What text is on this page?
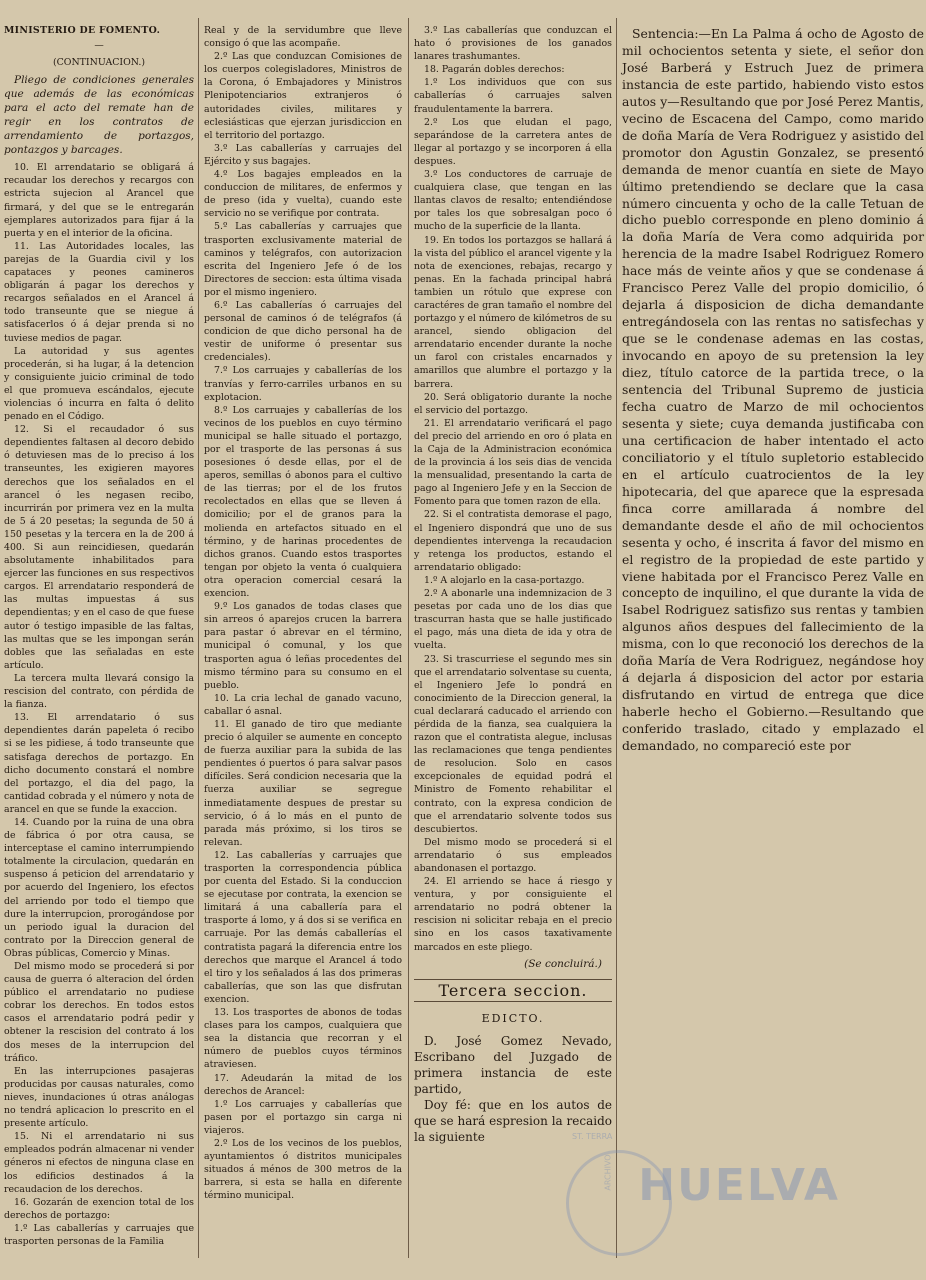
MINISTERIO DE FOMENTO.

—

(CONTINUACION.)

Pliego de condiciones generales que además de las económicas para el acto del remate han de regir en los contratos de arrendamiento de portazgos, pontazgos y barcages.

10. El arrendatario se obligará á recaudar los derechos y recargos con estricta sujecion al Arancel que firmará, y del que se le entregarán ejemplares autorizados para fijar á la puerta y en el interior de la oficina.

11. Las Autoridades locales, las parejas de la Guardia civil y los capataces y peones camineros obligarán á pagar los derechos y recargos señalados en el Arancel á todo transeunte que se niegue á satisfacerlos ó á dejar prenda si no tuviese medios de pagar.

La autoridad y sus agentes procederán, si ha lugar, á la detencion y consiguiente juicio criminal de todo el que promueva escándalos, ejecute violencias ó incurra en falta ó delito penado en el Código.

12. Si el recaudador ó sus dependientes faltasen al decoro debido ó detuviesen mas de lo preciso á los transeuntes, les exigieren mayores derechos que los señalados en el arancel ó les negasen recibo, incurrirán por primera vez en la multa de 5 á 20 pesetas; la segunda de 50 á 150 pesetas y la tercera en la de 200 á 400. Si aun reincidiesen, quedarán absolutamente inhabilitados para ejercer las funciones en sus respectivos cargos. El arrendatario responderá de las multas impuestas á sus dependientas; y en el caso de que fuese autor ó testigo impasible de las faltas, las multas que se les impongan serán dobles que las señaladas en este artículo.

La tercera multa llevará consigo la rescision del contrato, con pérdida de la fianza.

13. El arrendatario ó sus dependientes darán papeleta ó recibo si se les pidiese, á todo transeunte que satisfaga derechos de portazgo. En dicho documento constará el nombre del portazgo, el dia del pago, la cantidad cobrada y el número y nota de arancel en que se funde la exaccion.

14. Cuando por la ruina de una obra de fábrica ó por otra causa, se interceptase el camino interrumpiendo totalmente la circulacion, quedarán en suspenso á peticion del arrendatario y por acuerdo del Ingeniero, los efectos del arriendo por todo el tiempo que dure la interrupcion, prorogándose por un periodo igual la duracion del contrato por la Direccion general de Obras públicas, Comercio y Minas.

Del mismo modo se procederá si por causa de guerra ó alteracion del órden público el arrendatario no pudiese cobrar los derechos. En todos estos casos el arrendatario podrá pedir y obtener la rescision del contrato á los dos meses de la interrupcion del tráfico.

En las interrupciones pasajeras producidas por causas naturales, como nieves, inundaciones ú otras análogas no tendrá aplicacion lo prescrito en el presente artículo.

15. Ni el arrendatario ni sus empleados podrán almacenar ni vender géneros ni efectos de ninguna clase en los edificios destinados á la recaudacion de los derechos.

16. Gozarán de exencion total de los derechos de portazgo:

1.º Las caballerías y carruajes que trasporten personas de la Familia

Real y de la servidumbre que lleve consigo ó que las acompañe.

2.º Las que conduzcan Comisiones de los cuerpos colegisladores, Ministros de la Corona, ó Embajadores y Ministros Plenipotenciarios extranjeros ó autoridades civiles, militares y eclesiásticas que ejerzan jurisdiccion en el territorio del portazgo.

3.º Las caballerías y carruajes del Ejército y sus bagajes.

4.º Los bagajes empleados en la conduccion de militares, de enfermos y de preso (ida y vuelta), cuando este servicio no se verifique por contrata.

5.º Las caballerías y carruajes que trasporten exclusivamente material de caminos y telégrafos, con autorizacion escrita del Ingeniero Jefe ó de los Directores de seccion: esta última visada por el mismo ingeniero.

6.º Las caballerías ó carruajes del personal de caminos ó de telégrafos (á condicion de que dicho personal ha de vestir de uniforme ó presentar sus credenciales).

7.º Los carruajes y caballerías de los tranvías y ferro-carriles urbanos en su explotacion.

8.º Los carruajes y caballerías de los vecinos de los pueblos en cuyo término municipal se halle situado el portazgo, por el trasporte de las personas á sus posesiones ó desde ellas, por el de aperos, semillas ó abonos para el cultivo de las tierras; por el de los frutos recolectados en ellas que se lleven á domicilio; por el de granos para la molienda en artefactos situado en el término, y de harinas procedentes de dichos granos. Cuando estos trasportes tengan por objeto la venta ó cualquiera otra operacion comercial cesará la exencion.

9.º Los ganados de todas clases que sin arreos ó aparejos crucen la barrera para pastar ó abrevar en el término, municipal ó comunal, y los que trasporten agua ó leñas procedentes del mismo término para su consumo en el pueblo.

10. La cria lechal de ganado vacuno, caballar ó asnal.

11. El ganado de tiro que mediante precio ó alquiler se aumente en concepto de fuerza auxiliar para la subida de las pendientes ó puertos ó para salvar pasos difíciles. Será condicion necesaria que la fuerza auxiliar se segregue inmediatamente despues de prestar su servicio, ó á lo más en el punto de parada más próximo, si los tiros se relevan.

12. Las caballerías y carruajes que trasporten la correspondencia pública por cuenta del Estado. Si la conduccion se ejecutase por contrata, la exencion se limitará á una caballería para el trasporte á lomo, y á dos si se verifica en carruaje. Por las demás caballerías el contratista pagará la diferencia entre los derechos que marque el Arancel á todo el tiro y los señalados á las dos primeras caballerías, que son las que disfrutan exencion.

13. Los trasportes de abonos de todas clases para los campos, cualquiera que sea la distancia que recorran y el número de pueblos cuyos términos atraviesen.

17. Adeudarán la mitad de los derechos de Arancel:

1.º Los carruajes y caballerías que pasen por el portazgo sin carga ni viajeros.

2.º Los de los vecinos de los pueblos, ayuntamientos ó distritos municipales situados á ménos de 300 metros de la barrera, si esta se halla en diferente término municipal.

3.º Las caballerías que conduzcan el hato ó provisiones de los ganados lanares trashumantes.

18. Pagarán dobles derechos:

1.º Los individuos que con sus caballerías ó carruajes salven fraudulentamente la barrera.

2.º Los que eludan el pago, separándose de la carretera antes de llegar al portazgo y se incorporen á ella despues.

3.º Los conductores de carruaje de cualquiera clase, que tengan en las llantas clavos de resalto; entendiéndose por tales los que sobresalgan poco ó mucho de la superficie de la llanta.

19. En todos los portazgos se hallará á la vista del público el arancel vigente y la nota de exenciones, rebajas, recargo y penas. En la fachada principal habrá tambien un rótulo que exprese con caractéres de gran tamaño el nombre del portazgo y el número de kilómetros de su arancel, siendo obligacion del arrendatario encender durante la noche un farol con cristales encarnados y amarillos que alumbre el portazgo y la barrera.

20. Será obligatorio durante la noche el servicio del portazgo.

21. El arrendatario verificará el pago del precio del arriendo en oro ó plata en la Caja de la Administracion económica de la provincia á los seis dias de vencida la mensualidad, presentando la carta de pago al Ingeniero Jefe y en la Seccion de Fomento para que tomen razon de ella.

22. Si el contratista demorase el pago, el Ingeniero dispondrá que uno de sus dependientes intervenga la recaudacion y retenga los productos, estando el arrendatario obligado:

1.º A alojarlo en la casa-portazgo.

2.º A abonarle una indemnizacion de 3 pesetas por cada uno de los dias que trascurran hasta que se halle justificado el pago, más una dieta de ida y otra de vuelta.

23. Si trascurriese el segundo mes sin que el arrendatario solventase su cuenta, el Ingeniero Jefe lo pondrá en conocimiento de la Direccion general, la cual declarará caducado el arriendo con pérdida de la fianza, sea cualquiera la razon que el contratista alegue, inclusas las reclamaciones que tenga pendientes de resolucion. Solo en casos excepcionales de equidad podrá el Ministro de Fomento rehabilitar el contrato, con la expresa condicion de que el arrendatario solvente todos sus descubiertos.

Del mismo modo se procederá si el arrendatario ó sus empleados abandonasen el portazgo.

24. El arriendo se hace á riesgo y ventura, y por consiguiente el arrendatario no podrá obtener la rescision ni solicitar rebaja en el precio sino en los casos taxativamente marcados en este pliego.

(Se concluirá.)

Tercera seccion.

EDICTO.

D. José Gomez Nevado, Escribano del Juzgado de primera instancia de este partido,

Doy fé: que en los autos de que se hará espresion la recaido la siguiente

Sentencia:—En La Palma á ocho de Agosto de mil ochocientos setenta y siete, el señor don José Barberá y Estruch Juez de primera instancia de este partido, habiendo visto estos autos y—Resultando que por José Perez Mantis, vecino de Escacena del Campo, como marido de doña María de Vera Rodriguez y asistido del promotor don Agustin Gonzalez, se presentó demanda de menor cuantía en siete de Mayo último pretendiendo se declare que la casa número cincuenta y ocho de la calle Tetuan de dicho pueblo corresponde en pleno dominio á la doña María de Vera como adquirida por herencia de la madre Isabel Rodriguez Romero hace más de veinte años y que se condenase á Francisco Perez Valle del propio domicilio, ó dejarla á disposicion de dicha demandante entregándosela con las rentas no satisfechas y que se le condenase ademas en las costas, invocando en apoyo de su pretension la ley diez, título catorce de la partida trece, o la sentencia del Tribunal Supremo de justicia fecha cuatro de Marzo de mil ochocientos sesenta y siete; cuya demanda justificaba con una certificacion de haber intentado el acto conciliatorio y el título supletorio establecido en el artículo cuatrocientos de la ley hipotecaria, del que aparece que la espresada finca corre amillarada á nombre del demandante desde el año de mil ochocientos sesenta y ocho, é inscrita á favor del mismo en el registro de la propiedad de este partido y viene habitada por el Francisco Perez Valle en concepto de inquilino, el que durante la vida de Isabel Rodriguez satisfizo sus rentas y tambien algunos años despues del fallecimiento de la misma, con lo que reconoció los derechos de la doña María de Vera Rodriguez, negándose hoy á dejarla á disposicion del actor por estaria disfrutando en virtud de entrega que dice haberle hecho el Gobierno.—Resultando que conferido traslado, citado y emplazado el demandado, no compareció este por

ST. TERRA
ARCHIVO HUELVA
